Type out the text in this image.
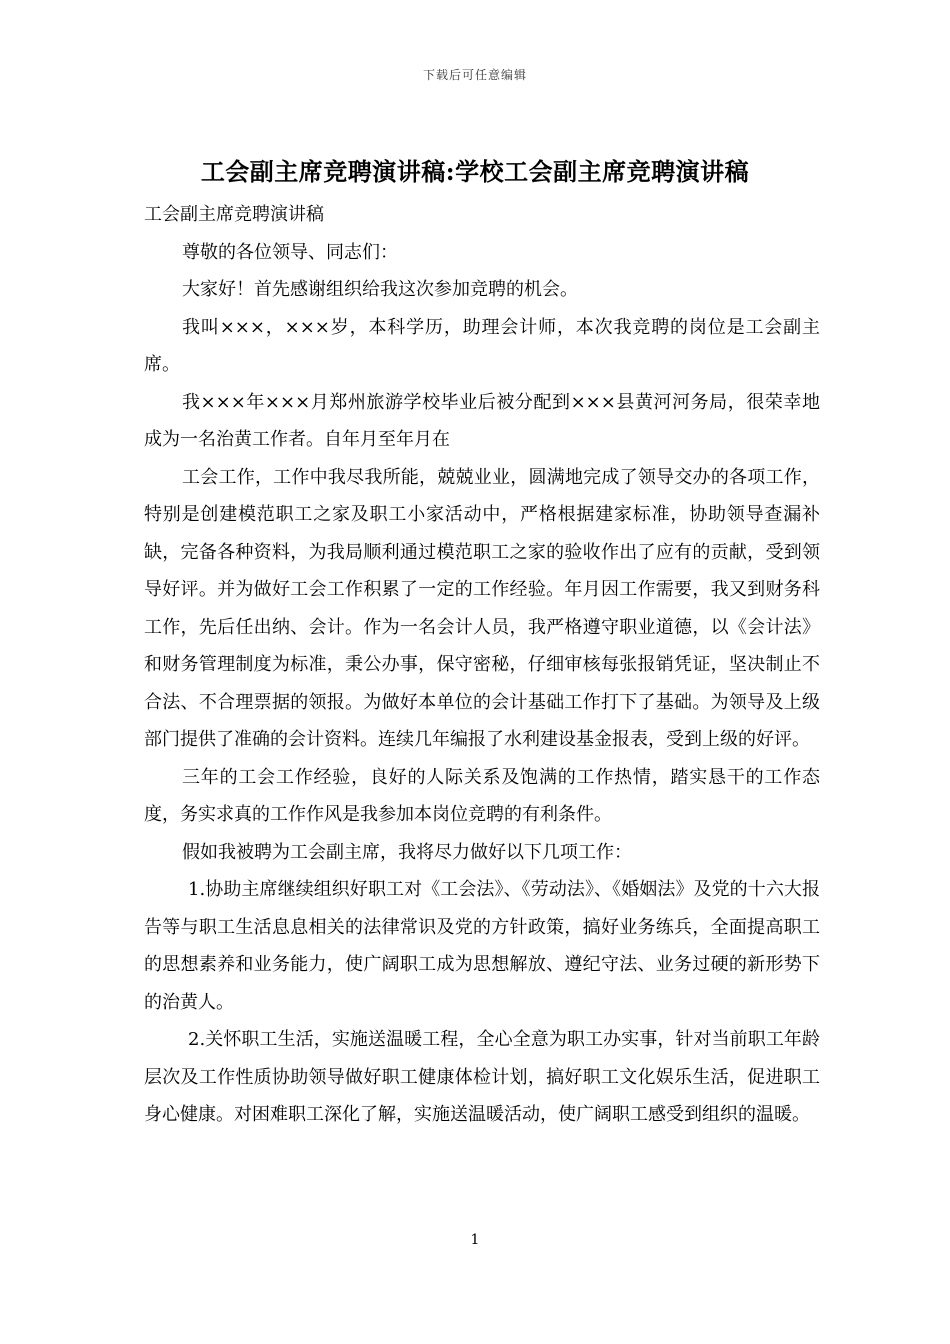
下载后可任意编辑
工会副主席竞聘演讲稿:学校工会副主席竞聘演讲稿

工会副主席竞聘演讲稿

尊敬的各位领导、同志们：

大家好！首先感谢组织给我这次参加竞聘的机会。

我叫×××，×××岁，本科学历，助理会计师，本次我竞聘的岗位是工会副主席。

我×××年×××月郑州旅游学校毕业后被分配到×××县黄河河务局，很荣幸地成为一名治黄工作者。自年月至年月在

工会工作，工作中我尽我所能，兢兢业业，圆满地完成了领导交办的各项工作，特别是创建模范职工之家及职工小家活动中，严格根据建家标准，协助领导查漏补缺，完备各种资料，为我局顺利通过模范职工之家的验收作出了应有的贡献，受到领导好评。并为做好工会工作积累了一定的工作经验。年月因工作需要，我又到财务科工作，先后任出纳、会计。作为一名会计人员，我严格遵守职业道德，以《会计法》和财务管理制度为标准，秉公办事，保守密秘，仔细审核每张报销凭证，坚决制止不合法、不合理票据的领报。为做好本单位的会计基础工作打下了基础。为领导及上级部门提供了准确的会计资料。连续几年编报了水利建设基金报表，受到上级的好评。

三年的工会工作经验，良好的人际关系及饱满的工作热情，踏实恳干的工作态度，务实求真的工作作风是我参加本岗位竞聘的有利条件。

假如我被聘为工会副主席，我将尽力做好以下几项工作：

1.协助主席继续组织好职工对《工会法》、《劳动法》、《婚姻法》及党的十六大报告等与职工生活息息相关的法律常识及党的方针政策，搞好业务练兵，全面提高职工的思想素养和业务能力，使广阔职工成为思想解放、遵纪守法、业务过硬的新形势下的治黄人。

2.关怀职工生活，实施送温暖工程，全心全意为职工办实事，针对当前职工年龄层次及工作性质协助领导做好职工健康体检计划，搞好职工文化娱乐生活，促进职工身心健康。对困难职工深化了解，实施送温暖活动，使广阔职工感受到组织的温暖。

1
